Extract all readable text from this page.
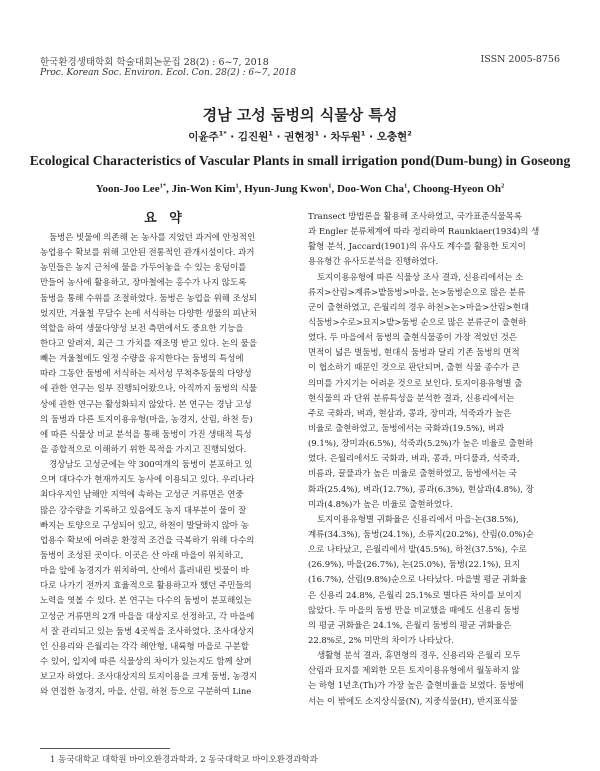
한국환경생태학회 학술대회논문집 28(2) : 6~7, 2018
Proc. Korean Soc. Environ. Ecol. Con. 28(2) : 6~7, 2018
ISSN 2005-8756
경남 고성 둠벙의 식물상 특성
이윤주$^{1*}$ · 김진원$^1$ · 권현정$^1$ · 차두원$^1$ · 오충현$^2$
Ecological Characteristics of Vascular Plants in small irrigation pond(Dum-bung) in Goseong
Yoon-Joo Lee$^{1*}$, Jin-Won Kim$^1$, Hyun-Jung Kwon$^1$, Doo-Won Cha$^1$, Choong-Hyeon Oh$^2$
요 약
둠벙은 빗물에 의존해 논 농사를 지었던 과거에 안정적인
농업용수 확보를 위해 고안된 전통적인 관개시설이다. 과거
농민들은 농지 근처에 물을 가두어놓을 수 있는 웅덩이를
만들어 농사에 활용하고, 장마철에는 홍수가 나지 않도록
둠벙을 통해 수위를 조절하였다. 둠벙은 농업을 위해 조성되
었지만, 겨울철 무담수 논에 서식하는 다양한 생물의 피난처
역할을 하여 생물다양성 보전 측면에서도 중요한 기능을
한다고 알려져, 최근 그 가치를 재조명 받고 있다. 논의 물을
빼는 겨울철에도 일정 수량을 유지한다는 둠벙의 특성에
따라 그동안 둠벙에 서식하는 저서성 무척추동물의 다양성
에 관한 연구는 일부 진행되어왔으나, 아직까지 둠벙의 식물
상에 관한 연구는 활성화되지 않았다. 본 연구는 경남 고성
의 둠벙과 다른 토지이용유형(마을, 농경지, 산림, 하천 등)
에 따른 식물상 비교 분석을 통해 둠벙이 가진 생태적 특성
을 종합적으로 이해하기 위한 목적을 가지고 진행되었다.
경상남도 고성군에는 약 300여개의 둠벙이 분포하고 있
으며 대다수가 현재까지도 농사에 이용되고 있다. 우리나라
최다우지인 남해안 지역에 속하는 고성군 거류면은 연중
많은 강수량을 기록하고 있음에도 농지 대부분이 물이 잘
빠지는 토양으로 구성되어 있고, 하천이 발달하지 않아 농
업용수 확보에 어려운 환경적 조건을 극복하기 위해 다수의
둠벙이 조성된 곳이다. 이곳은 산 아래 마을이 위치하고,
마을 앞에 농경지가 위치하여, 산에서 흘러내린 빗물이 바
다로 나가기 전까지 효율적으로 활용하고자 했던 주민들의
노력을 엿볼 수 있다. 본 연구는 다수의 둠벙이 분포해있는
고성군 거류면의 2개 마을을 대상지로 선정하고, 각 마을에
서 잘 관리되고 있는 둠벙 4곳씩을 조사하였다. 조사대상지
인 신용리와 은월리는 각각 해안형, 내륙형 마을로 구분할
수 있어, 입지에 따른 식물상의 차이가 있는지도 함께 살펴
보고자 하였다. 조사대상지의 토지이용을 크게 둠벙, 농경지
와 연접한 농경지, 마을, 산림, 하천 등으로 구분하여 Line
Transect 방법론을 활용해 조사하였고, 국가표준식물목록
과 Engler 분류체계에 따라 정리하여 Raunkiaer(1934)의 생
활형 분석, Jaccard(1901)의 유사도 계수를 활용한 토지이
용유형간 유사도분석을 진행하였다.
토지이용유형에 따른 식물상 조사 결과, 신용리에서는 소
류지>산림>계류>밭둠벙>마을, 논>둠벙순으로 많은 분류
군이 출현하였고, 은월리의 경우 하천>논>마을>산림>현대
식둠벙>수로>묘지>밭>둠벙 순으로 많은 분류군이 출현하
였다. 두 마을에서 둠벙의 출현식물종이 가장 적었던 것은
면적이 넓은 벌둠벙, 현대식 둠벙과 달리 기존 둠벙의 면적
이 협소하기 때문인 것으로 판단되며, 출현 식물 종수가 큰
의미를 가지기는 어려운 것으로 보인다. 토지이용유형별 출
현식물의 과 단위 분류특성을 분석한 결과, 신용리에서는
주로 국화과, 벼과, 현삼과, 콩과, 장미과, 석죽과가 높은
비율로 출현하였고, 둠벙에서는 국화과(19.5%), 벼과
(9.1%), 장미과(6.5%), 석죽과(5.2%)가 높은 비율로 출현하
였다. 은월리에서도 국화과, 벼과, 콩과, 마디풀과, 석죽과,
비름과, 꿀풀과가 높은 비율로 출현하였고, 둠벙에서는 국
화과(25.4%), 벼과(12.7%), 콩과(6.3%), 현삼과(4.8%), 장
미과(4.8%)가 높은 비율로 출현하였다.
토지이용유형별 귀화율은 신용리에서 마을·논(38.5%),
계류(34.3%), 둠벙(24.1%), 소류지(20.2%), 산림(0.0%)순
으로 나타났고, 은월리에서 밭(45.5%), 하천(37.5%), 수로
(26.9%), 마을(26.7%), 논(25.0%), 둠벙(22.1%), 묘지
(16.7%), 산림(9.8%)순으로 나타났다. 마을별 평균 귀화율
은 신용리 24.8%, 은월리 25.1%로 별다른 차이를 보이지
않았다. 두 마을의 둠벙 만을 비교했을 때에도 신용리 둠벙
의 평균 귀화율은 24.1%, 은월리 둠벙의 평균 귀화율은
22.8%로, 2% 미만의 차이가 나타났다.
생활형 분석 결과, 휴면형의 경우, 신용리와 은월리 모두
산림과 묘지를 제외한 모든 토지이용유형에서 월동하지 않
는 하형 1년초(Th)가 가장 높은 출현비율을 보였다. 둠벙에
서는 이 밖에도 소지상식물(N), 지중식물(H), 반지표식물
1 동국대학교 대학원 바이오환경과학과, 2 동국대학교 바이오환경과학과
